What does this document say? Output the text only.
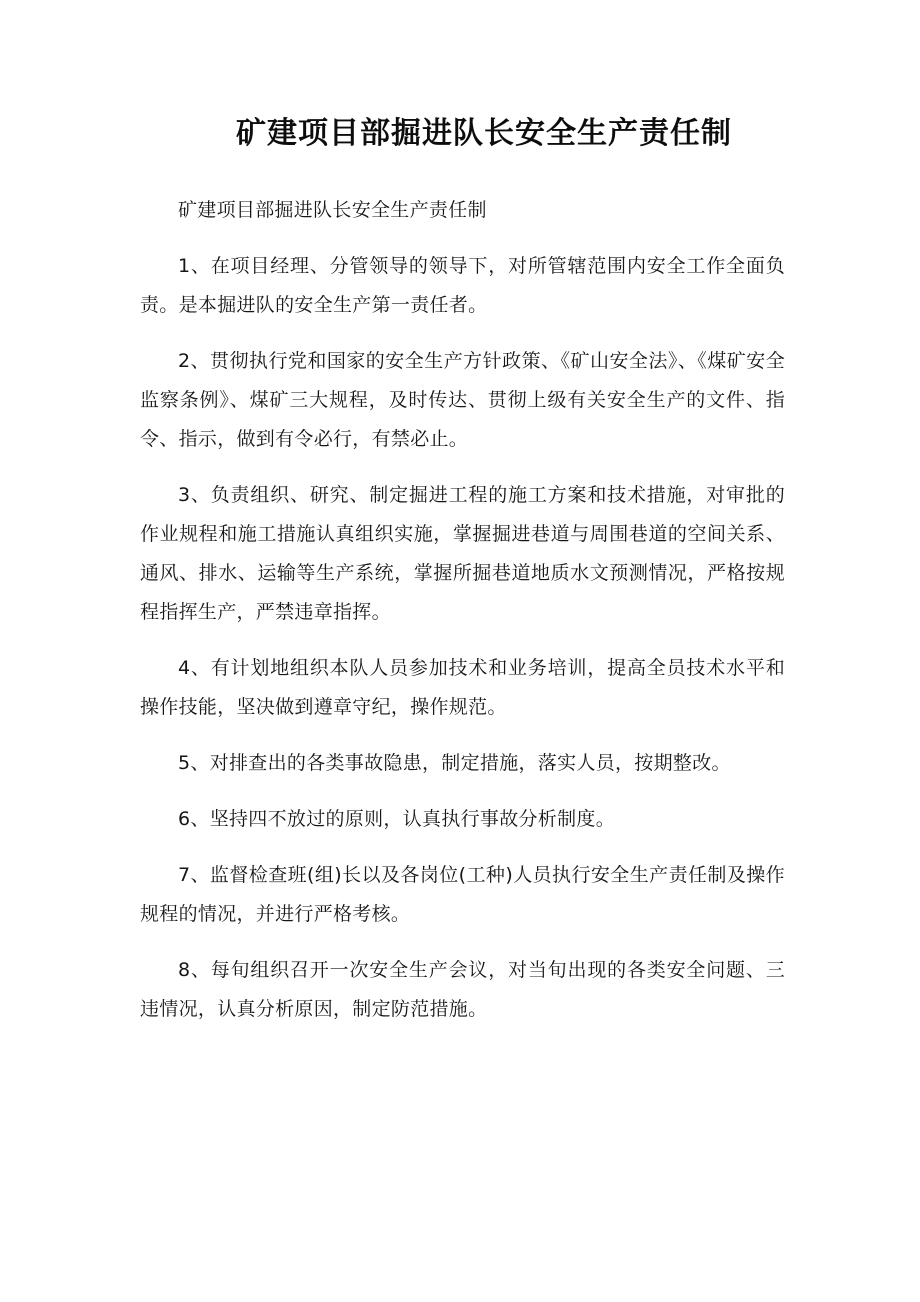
矿建项目部掘进队长安全生产责任制

矿建项目部掘进队长安全生产责任制

1、在项目经理、分管领导的领导下，对所管辖范围内安全工作全面负责。是本掘进队的安全生产第一责任者。

2、贯彻执行党和国家的安全生产方针政策、《矿山安全法》、《煤矿安全监察条例》、煤矿三大规程，及时传达、贯彻上级有关安全生产的文件、指令、指示，做到有令必行，有禁必止。

3、负责组织、研究、制定掘进工程的施工方案和技术措施，对审批的作业规程和施工措施认真组织实施，掌握掘进巷道与周围巷道的空间关系、通风、排水、运输等生产系统，掌握所掘巷道地质水文预测情况，严格按规程指挥生产，严禁违章指挥。

4、有计划地组织本队人员参加技术和业务培训，提高全员技术水平和操作技能，坚决做到遵章守纪，操作规范。

5、对排查出的各类事故隐患，制定措施，落实人员，按期整改。

6、坚持四不放过的原则，认真执行事故分析制度。

7、监督检查班(组)长以及各岗位(工种)人员执行安全生产责任制及操作规程的情况，并进行严格考核。

8、每旬组织召开一次安全生产会议，对当旬出现的各类安全问题、三违情况，认真分析原因，制定防范措施。
